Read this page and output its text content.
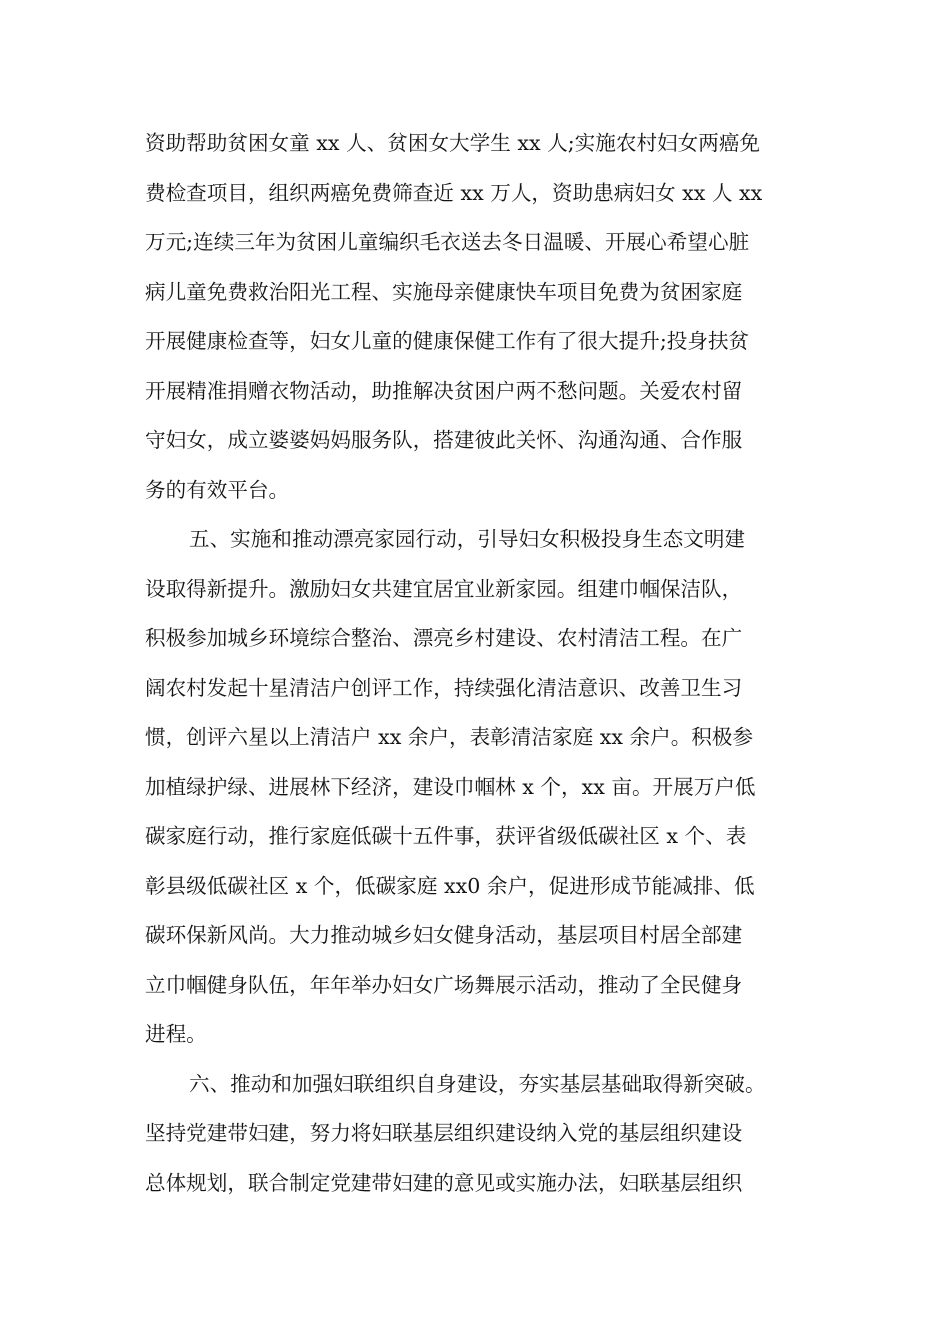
资助帮助贫困女童 xx 人、贫困女大学生 xx 人;实施农村妇女两癌免
费检查项目，组织两癌免费筛查近 xx 万人，资助患病妇女 xx 人 xx
万元;连续三年为贫困儿童编织毛衣送去冬日温暖、开展心希望心脏
病儿童免费救治阳光工程、实施母亲健康快车项目免费为贫困家庭
开展健康检查等，妇女儿童的健康保健工作有了很大提升;投身扶贫
开展精准捐赠衣物活动，助推解决贫困户两不愁问题。关爱农村留
守妇女，成立婆婆妈妈服务队，搭建彼此关怀、沟通沟通、合作服
务的有效平台。
五、实施和推动漂亮家园行动，引导妇女积极投身生态文明建
设取得新提升。激励妇女共建宜居宜业新家园。组建巾帼保洁队，
积极参加城乡环境综合整治、漂亮乡村建设、农村清洁工程。在广
阔农村发起十星清洁户创评工作，持续强化清洁意识、改善卫生习
惯，创评六星以上清洁户 xx 余户，表彰清洁家庭 xx 余户。积极参
加植绿护绿、进展林下经济，建设巾帼林 x 个，xx 亩。开展万户低
碳家庭行动，推行家庭低碳十五件事，获评省级低碳社区 x 个、表
彰县级低碳社区 x 个，低碳家庭 xx0 余户，促进形成节能减排、低
碳环保新风尚。大力推动城乡妇女健身活动，基层项目村居全部建
立巾帼健身队伍，年年举办妇女广场舞展示活动，推动了全民健身
进程。
六、推动和加强妇联组织自身建设，夯实基层基础取得新突破。
坚持党建带妇建，努力将妇联基层组织建设纳入党的基层组织建设
总体规划，联合制定党建带妇建的意见或实施办法，妇联基层组织
